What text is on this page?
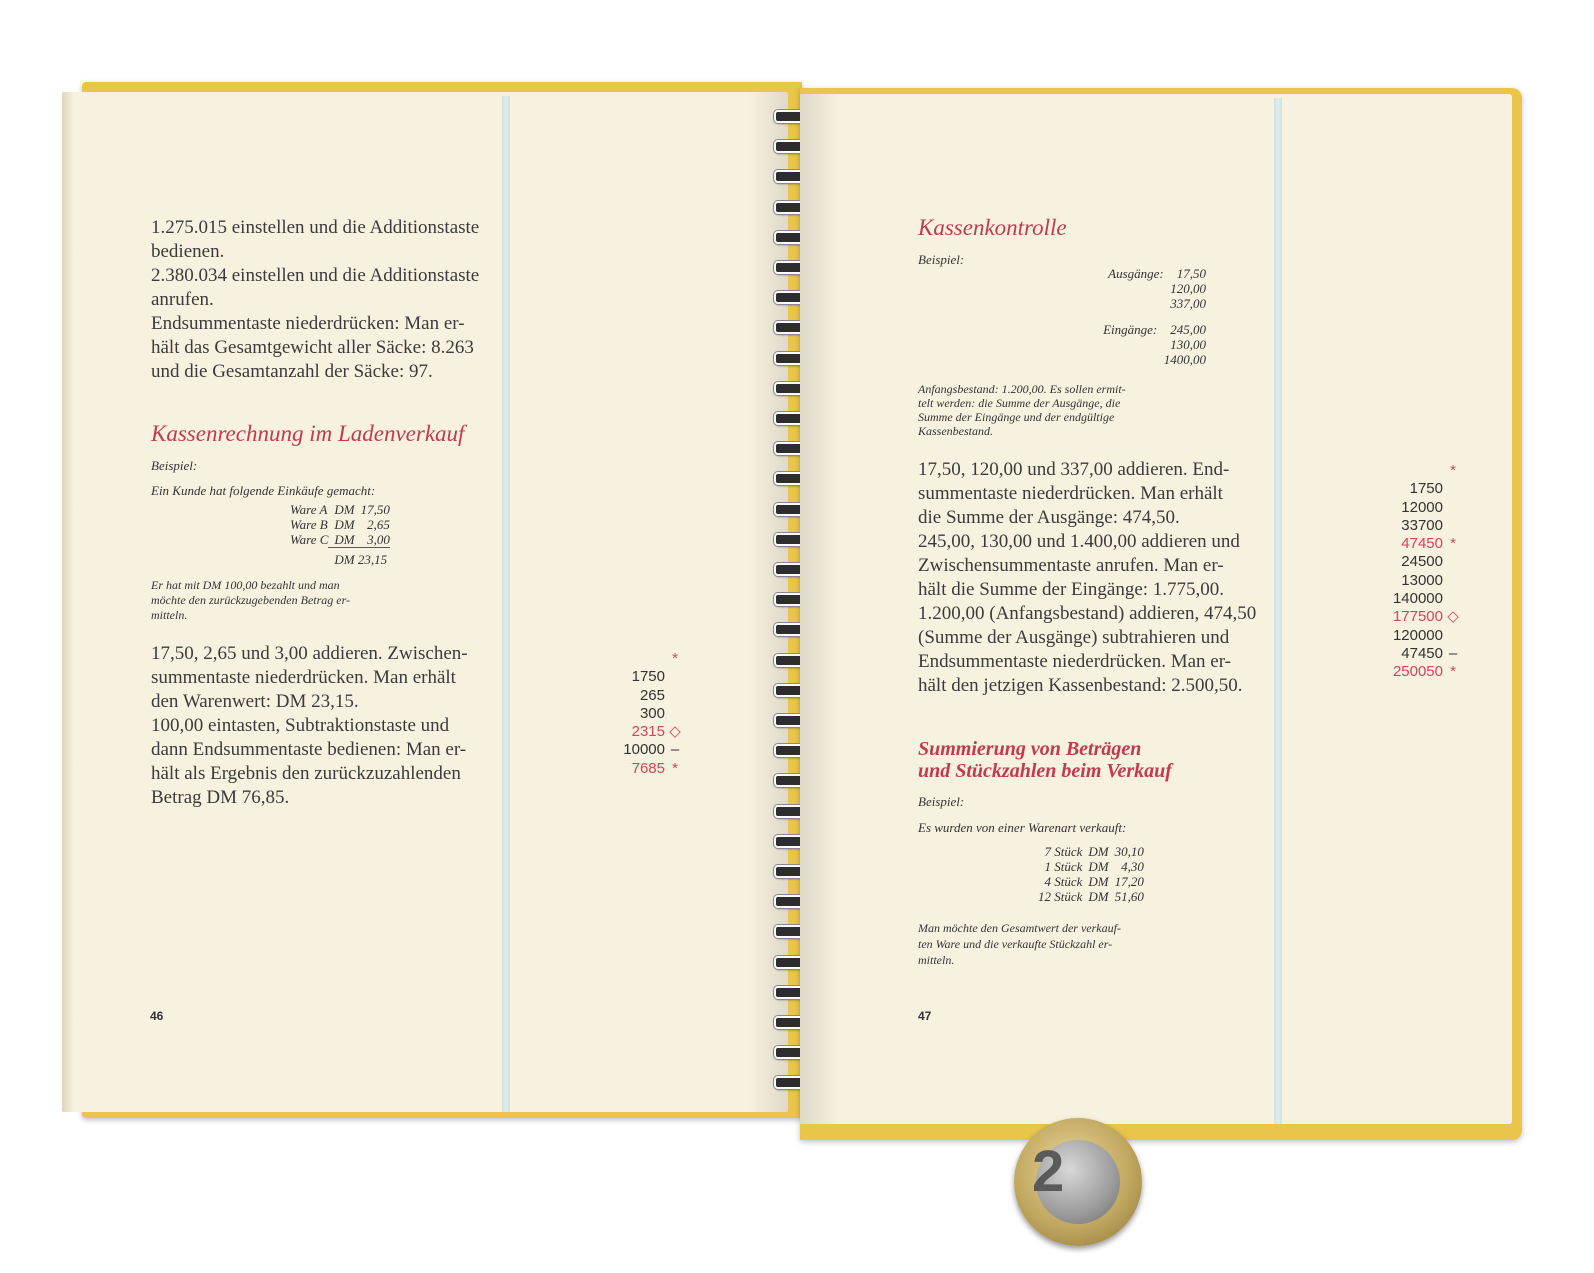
1.275.015 einstellen und die Additionstaste
bedienen.
2.380.034 einstellen und die Additionstaste
anrufen.
Endsummentaste niederdrücken: Man er-
hält das Gesamtgewicht aller Säcke: 8.263
und die Gesamtanzahl der Säcke: 97.
Kassenrechnung im Ladenverkauf
Beispiel:
Ein Kunde hat folgende Einkäufe gemacht:
Ware A	DM	17,50
Ware B	DM	2,65
Ware C	DM	3,00
	DM 23,15	
Er hat mit DM 100,00 bezahlt und man
möchte den zurückzugebenden Betrag er-
mitteln.
17,50, 2,65 und 3,00 addieren. Zwischen-
summentaste niederdrücken. Man erhält
den Warenwert: DM 23,15.
100,00 eintasten, Subtraktionstaste und
dann Endsummentaste bedienen: Man er-
hält als Ergebnis den zurückzuzahlenden
Betrag DM 76,85.
*
1750
265
300
2315 ◇
10000 –
7685 *
46
Kassenkontrolle
Beispiel:
Ausgänge: 17,50
120,00
337,00
Eingänge: 245,00
130,00
1400,00
Anfangsbestand: 1.200,00. Es sollen ermit-
telt werden: die Summe der Ausgänge, die
Summe der Eingänge und der endgültige
Kassenbestand.
17,50, 120,00 und 337,00 addieren. End-
summentaste niederdrücken. Man erhält
die Summe der Ausgänge: 474,50.
245,00, 130,00 und 1.400,00 addieren und
Zwischensummentaste anrufen. Man er-
hält die Summe der Eingänge: 1.775,00.
1.200,00 (Anfangsbestand) addieren, 474,50
(Summe der Ausgänge) subtrahieren und
Endsummentaste niederdrücken. Man er-
hält den jetzigen Kassenbestand: 2.500,50.
*
1750
12000
33700
47450 *
24500
13000
140000
177500 ◇
120000
47450 –
250050 *
Summierung von Beträgen
und Stückzahlen beim Verkauf
Beispiel:
Es wurden von einer Warenart verkauft:
7 Stück	DM	30,10
1 Stück	DM	4,30
4 Stück	DM	17,20
12 Stück	DM	51,60
Man möchte den Gesamtwert der verkauf-
ten Ware und die verkaufte Stückzahl er-
mitteln.
47
2
